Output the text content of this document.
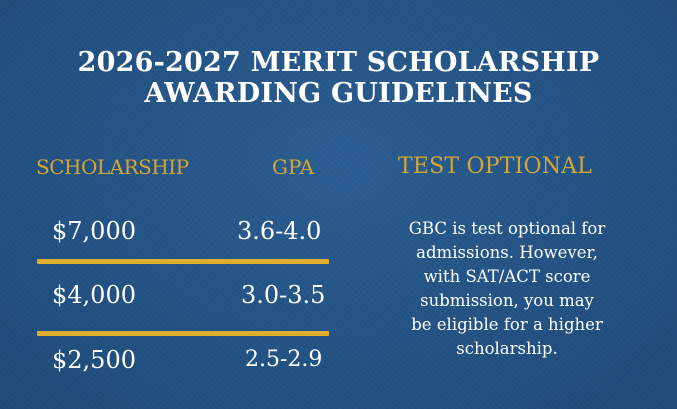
2026-2027 MERIT SCHOLARSHIP
AWARDING GUIDELINES
SCHOLARSHIP	GPA	TEST OPTIONAL
$7,000	3.6-4.0
$4,000	3.0-3.5
$2,500	2.5-2.9
GBC is test optional for
admissions. However,
with SAT/ACT score
submission, you may
be eligible for a higher
scholarship.
